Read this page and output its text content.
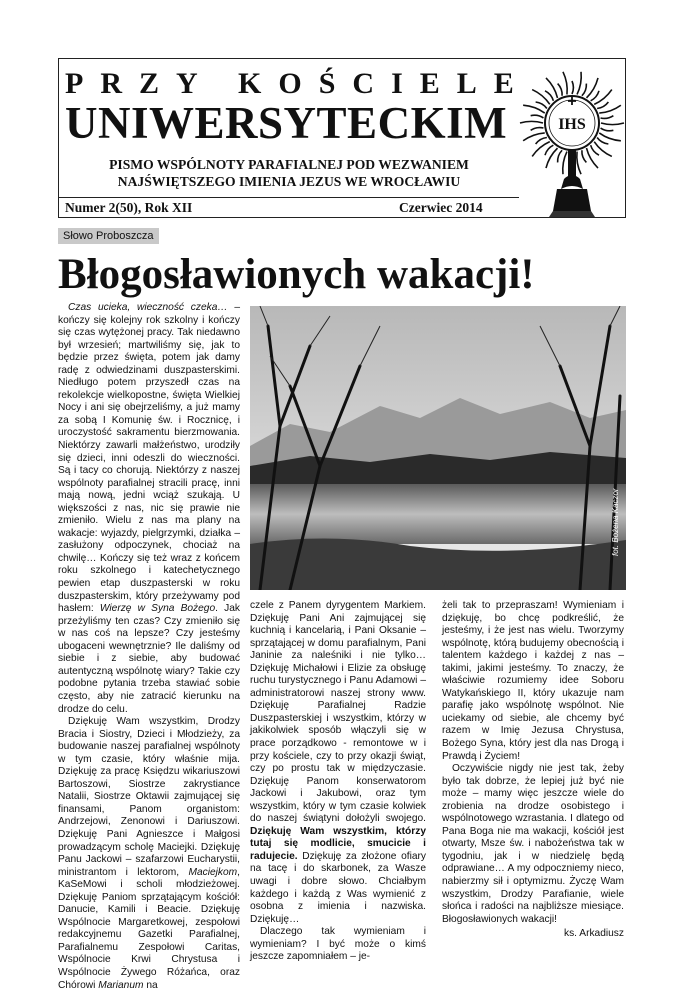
PRZY KOŚCIELE
UNIWERSYTECKIM
PISMO WSPÓLNOTY PARAFIALNEJ POD WEZWANIEM
NAJŚWIĘTSZEGO IMIENIA JEZUS WE WROCŁAWIU
Numer 2(50), Rok XII	Czerwiec 2014
IHS
Słowo Proboszcza
Błogosławionych wakacji!

Czas ucieka, wieczność czeka… – kończy się kolejny rok szkolny i kończy się czas wytężonej pracy. Tak niedawno był wrzesień; martwiliśmy się, jak to będzie przez święta, potem jak damy radę z odwiedzinami duszpasterskimi. Niedługo potem przyszedł czas na rekolekcje wielkopostne, święta Wielkiej Nocy i ani się obejrzeliśmy, a już mamy za sobą I Komunię św. i Rocznicę, i uroczystość sakramentu bierzmowania. Niektórzy zawarli małżeństwo, urodziły się dzieci, inni odeszli do wieczności. Są i tacy co chorują. Niektórzy z naszej wspólnoty parafialnej stracili pracę, inni mają nową, jedni wciąż szukają. U większości z nas, nic się prawie nie zmieniło. Wielu z nas ma plany na wakacje: wyjazdy, pielgrzymki, działka – zasłużony odpoczynek, chociaż na chwilę… Kończy się też wraz z końcem roku szkolnego i katechetycznego pewien etap duszpasterski w roku duszpasterskim, który przeżywamy pod hasłem: Wierzę w Syna Bożego. Jak przeżyliśmy ten czas? Czy zmieniło się w nas coś na lepsze? Czy jesteśmy ubogaceni wewnętrznie? Ile daliśmy od siebie i z siebie, aby budować autentyczną wspólnotę wiary? Takie czy podobne pytania trzeba stawiać sobie często, aby nie zatracić kierunku na drodze do celu.

Dziękuję Wam wszystkim, Drodzy Bracia i Siostry, Dzieci i Młodzieży, za budowanie naszej parafialnej wspólnoty w tym czasie, który właśnie mija. Dziękuję za pracę Księdzu wikariuszowi Bartoszowi, Siostrze zakrystiance Natalii, Siostrze Oktawii zajmującej się finansami, Panom organistom: Andrzejowi, Zenonowi i Dariuszowi. Dziękuję Pani Agnieszce i Małgosi prowadzącym scholę Maciejki. Dziękuję Panu Jackowi – szafarzowi Eucharystii, ministrantom i lektorom, Maciejkom, KaSeMowi i scholi młodzieżowej. Dziękuję Paniom sprzątającym kościół: Danucie, Kamili i Beacie. Dziękuję Wspólnocie Margaretkowej, zespołowi redakcyjnemu Gazetki Parafialnej, Parafialnemu Zespołowi Caritas, Wspólnocie Krwi Chrystusa i Wspólnocie Żywego Różańca, oraz Chórowi Marianum na

fot. Bożena Kaczor

czele z Panem dyrygentem Markiem. Dziękuję Pani Ani zajmującej się kuchnią i kancelarią, i Pani Oksanie – sprzątającej w domu parafialnym, Pani Janinie za naleśniki i nie tylko… Dziękuję Michałowi i Elizie za obsługę ruchu turystycznego i Panu Adamowi – administratorowi naszej strony www. Dziękuję Parafialnej Radzie Duszpasterskiej i wszystkim, którzy w jakikolwiek sposób włączyli się w prace porządkowo - remontowe w i przy kościele, czy to przy okazji świąt, czy po prostu tak w międzyczasie. Dziękuję Panom konserwatorom Jackowi i Jakubowi, oraz tym wszystkim, który w tym czasie kolwiek do naszej świątyni dołożyli swojego. Dziękuję Wam wszystkim, którzy tutaj się modlicie, smucicie i radujecie. Dziękuję za złożone ofiary na tacę i do skarbonek, za Wasze uwagi i dobre słowo. Chciałbym każdego i każdą z Was wymienić z osobna z imienia i nazwiska. Dziękuję…

Dlaczego tak wymieniam i wymieniam? I być może o kimś jeszcze zapomniałem – je-

żeli tak to przepraszam! Wymieniam i dziękuję, bo chcę podkreślić, że jesteśmy, i że jest nas wielu. Tworzymy wspólnotę, którą budujemy obecnością i talentem każdego i każdej z nas – takimi, jakimi jesteśmy. To znaczy, że właściwie rozumiemy idee Soboru Watykańskiego II, który ukazuje nam parafię jako wspólnotę wspólnot. Nie uciekamy od siebie, ale chcemy być razem w Imię Jezusa Chrystusa, Bożego Syna, który jest dla nas Drogą i Prawdą i Życiem!

Oczywiście nigdy nie jest tak, żeby było tak dobrze, że lepiej już być nie może – mamy więc jeszcze wiele do zrobienia na drodze osobistego i wspólnotowego wzrastania. I dlatego od Pana Boga nie ma wakacji, kościół jest otwarty, Msze św. i nabożeństwa tak w tygodniu, jak i w niedzielę będą odprawiane… A my odpoczniemy nieco, nabierzmy sił i optymizmu. Życzę Wam wszystkim, Drodzy Parafianie, wiele słońca i radości na najbliższe miesiące. Błogosławionych wakacji!

ks. Arkadiusz
